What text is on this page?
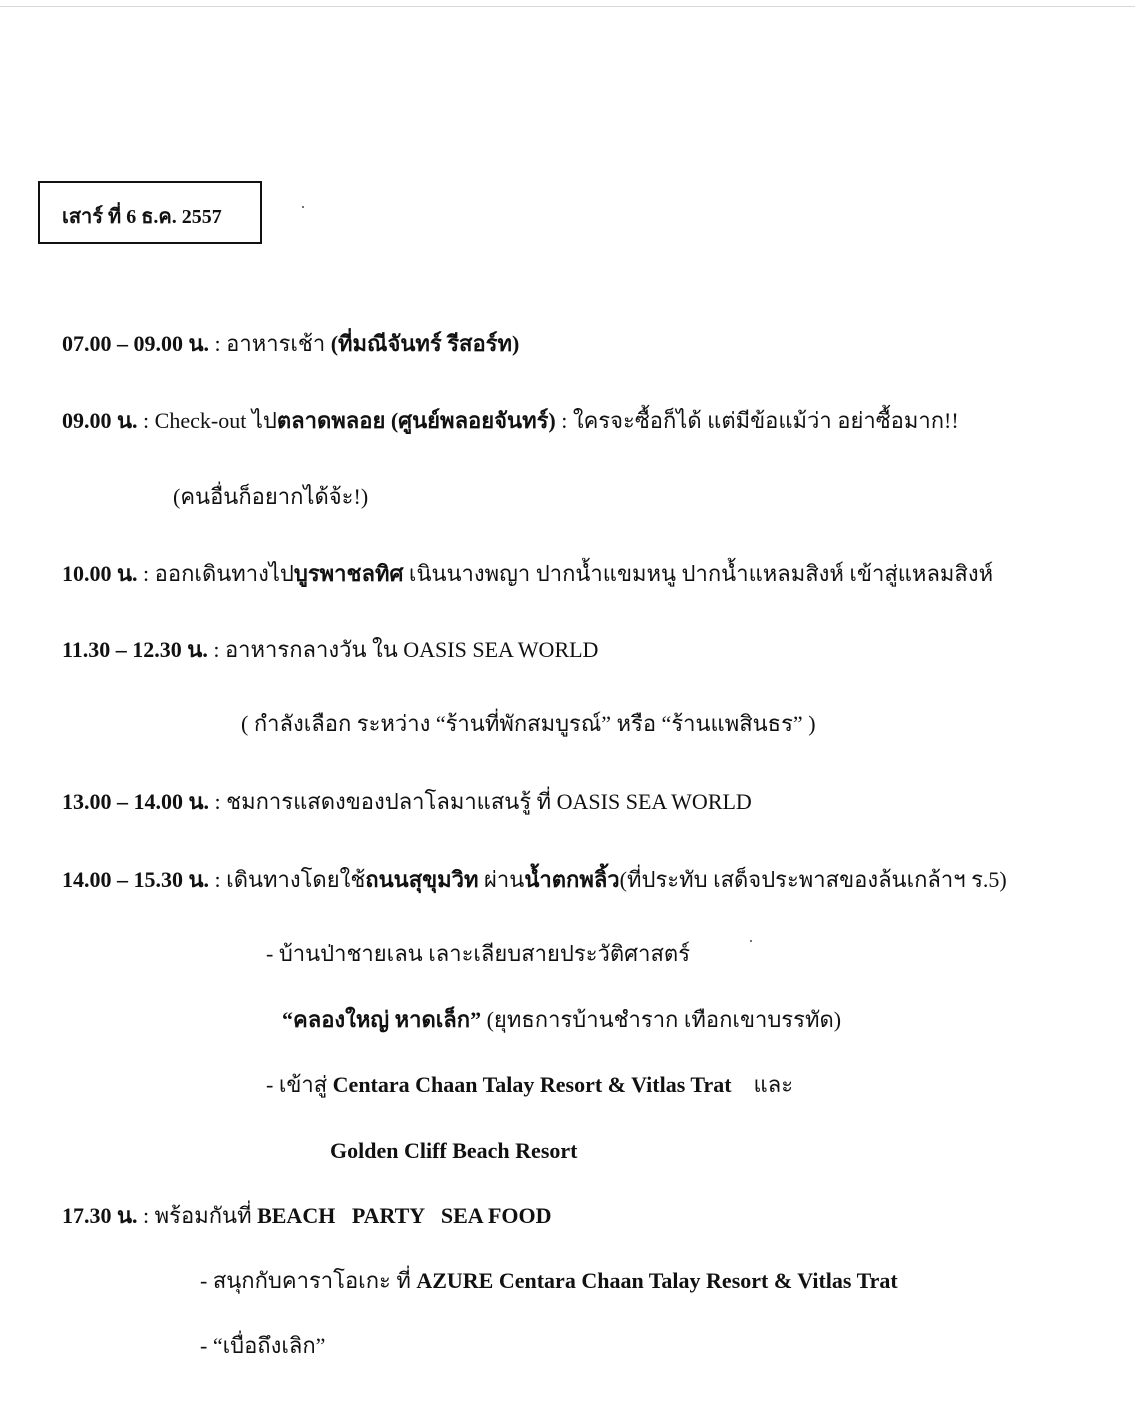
เสาร์ ที่ 6 ธ.ค. 2557
07.00 – 09.00 น. : อาหารเช้า (ที่มณีจันทร์ รีสอร์ท)
09.00 น. : Check-out ไปตลาดพลอย (ศูนย์พลอยจันทร์) : ใครจะซื้อก็ได้ แต่มีข้อแม้ว่า อย่าซื้อมาก!!
(คนอื่นก็อยากได้จ้ะ!)
10.00 น. : ออกเดินทางไปบูรพาชลทิศ เนินนางพญา ปากน้ำแขมหนู ปากน้ำแหลมสิงห์ เข้าสู่แหลมสิงห์
11.30 – 12.30 น. : อาหารกลางวัน ใน OASIS SEA WORLD
( กำลังเลือก ระหว่าง “ร้านที่พักสมบูรณ์” หรือ “ร้านแพสินธร” )
13.00 – 14.00 น. : ชมการแสดงของปลาโลมาแสนรู้ ที่ OASIS SEA WORLD
14.00 – 15.30 น. : เดินทางโดยใช้ถนนสุขุมวิท ผ่านน้ำตกพลิ้ว(ที่ประทับ เสด็จประพาสของล้นเกล้าฯ ร.5)
- บ้านป่าชายเลน เลาะเลียบสายประวัติศาสตร์
“คลองใหญ่ หาดเล็ก” (ยุทธการบ้านชำราก เทือกเขาบรรทัด)
- เข้าสู่ Centara Chaan Talay Resort & Vitlas Trat    และ
Golden Cliff Beach Resort
17.30 น. : พร้อมกันที่ BEACH   PARTY   SEA FOOD
- สนุกกับคาราโอเกะ ที่ AZURE Centara Chaan Talay Resort & Vitlas Trat
- “เบื่อถึงเลิก”
